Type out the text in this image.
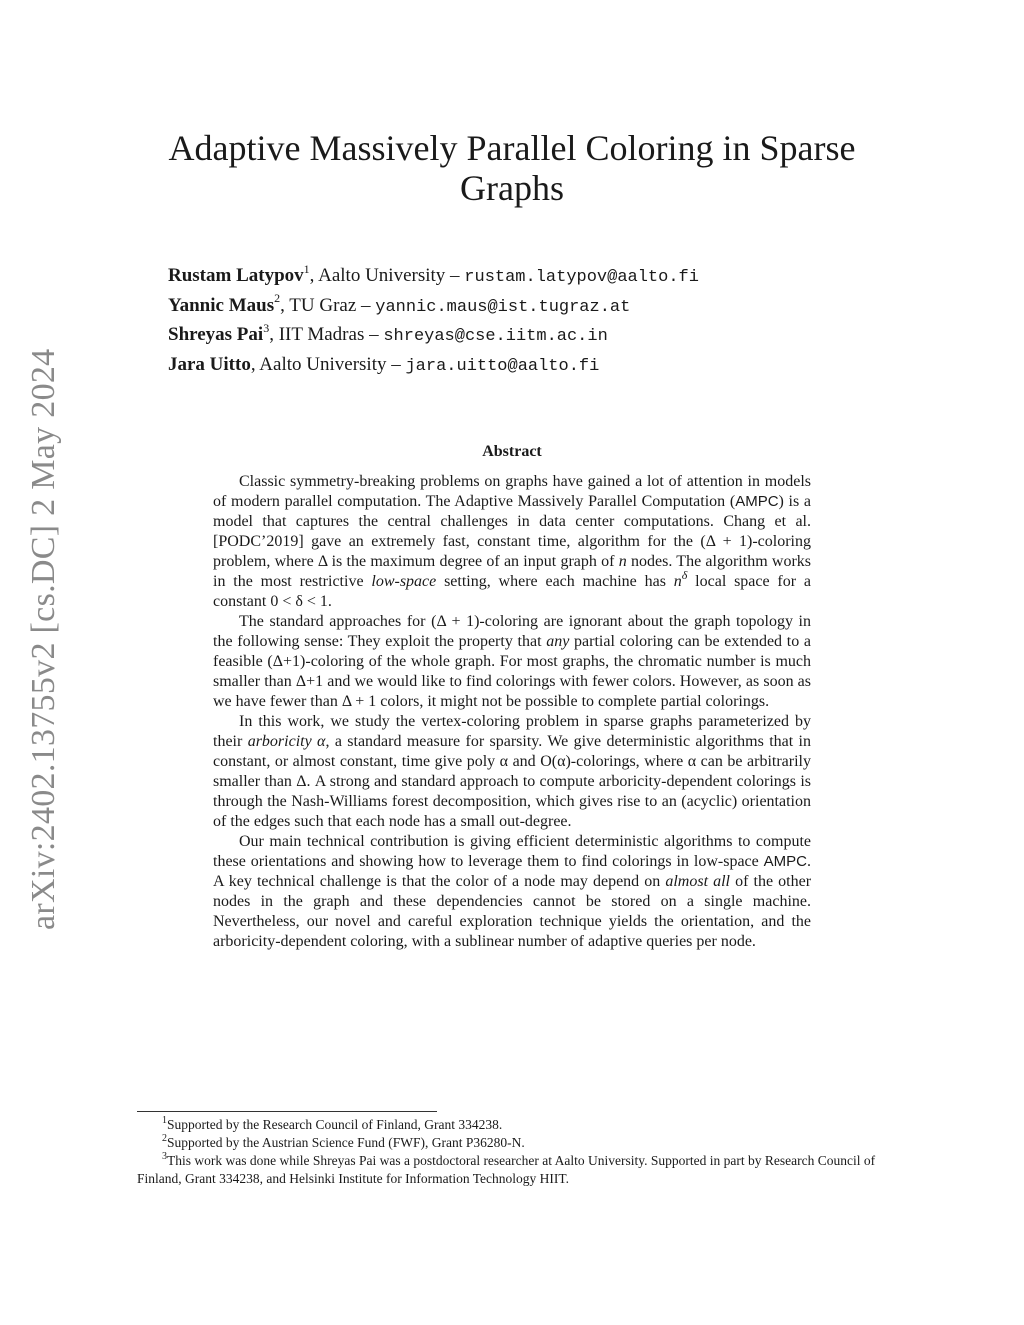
arXiv:2402.13755v2 [cs.DC] 2 May 2024
Adaptive Massively Parallel Coloring in Sparse Graphs
Rustam Latypov$^1$, Aalto University – rustam.latypov@aalto.fi
Yannic Maus$^2$, TU Graz – yannic.maus@ist.tugraz.at
Shreyas Pai$^3$, IIT Madras – shreyas@cse.iitm.ac.in
Jara Uitto, Aalto University – jara.uitto@aalto.fi
Abstract

Classic symmetry-breaking problems on graphs have gained a lot of attention in models of modern parallel computation. The Adaptive Massively Parallel Computation (AMPC) is a model that captures the central challenges in data center computations. Chang et al. [PODC’2019] gave an extremely fast, constant time, algorithm for the (Δ + 1)-coloring problem, where Δ is the maximum degree of an input graph of n nodes. The algorithm works in the most restrictive low-space setting, where each machine has $n^\delta$ local space for a constant 0 < δ < 1.

The standard approaches for (Δ + 1)-coloring are ignorant about the graph topology in the following sense: They exploit the property that any partial coloring can be extended to a feasible (Δ+1)-coloring of the whole graph. For most graphs, the chromatic number is much smaller than Δ+1 and we would like to find colorings with fewer colors. However, as soon as we have fewer than Δ + 1 colors, it might not be possible to complete partial colorings.

In this work, we study the vertex-coloring problem in sparse graphs parameterized by their arboricity α, a standard measure for sparsity. We give deterministic algorithms that in constant, or almost constant, time give poly α and O(α)-colorings, where α can be arbitrarily smaller than Δ. A strong and standard approach to compute arboricity-dependent colorings is through the Nash-Williams forest decomposition, which gives rise to an (acyclic) orientation of the edges such that each node has a small out-degree.

Our main technical contribution is giving efficient deterministic algorithms to compute these orientations and showing how to leverage them to find colorings in low-space AMPC. A key technical challenge is that the color of a node may depend on almost all of the other nodes in the graph and these dependencies cannot be stored on a single machine. Nevertheless, our novel and careful exploration technique yields the orientation, and the arboricity-dependent coloring, with a sublinear number of adaptive queries per node.

$^1$Supported by the Research Council of Finland, Grant 334238.

$^2$Supported by the Austrian Science Fund (FWF), Grant P36280-N.

$^3$This work was done while Shreyas Pai was a postdoctoral researcher at Aalto University. Supported in part by Research Council of Finland, Grant 334238, and Helsinki Institute for Information Technology HIIT.
